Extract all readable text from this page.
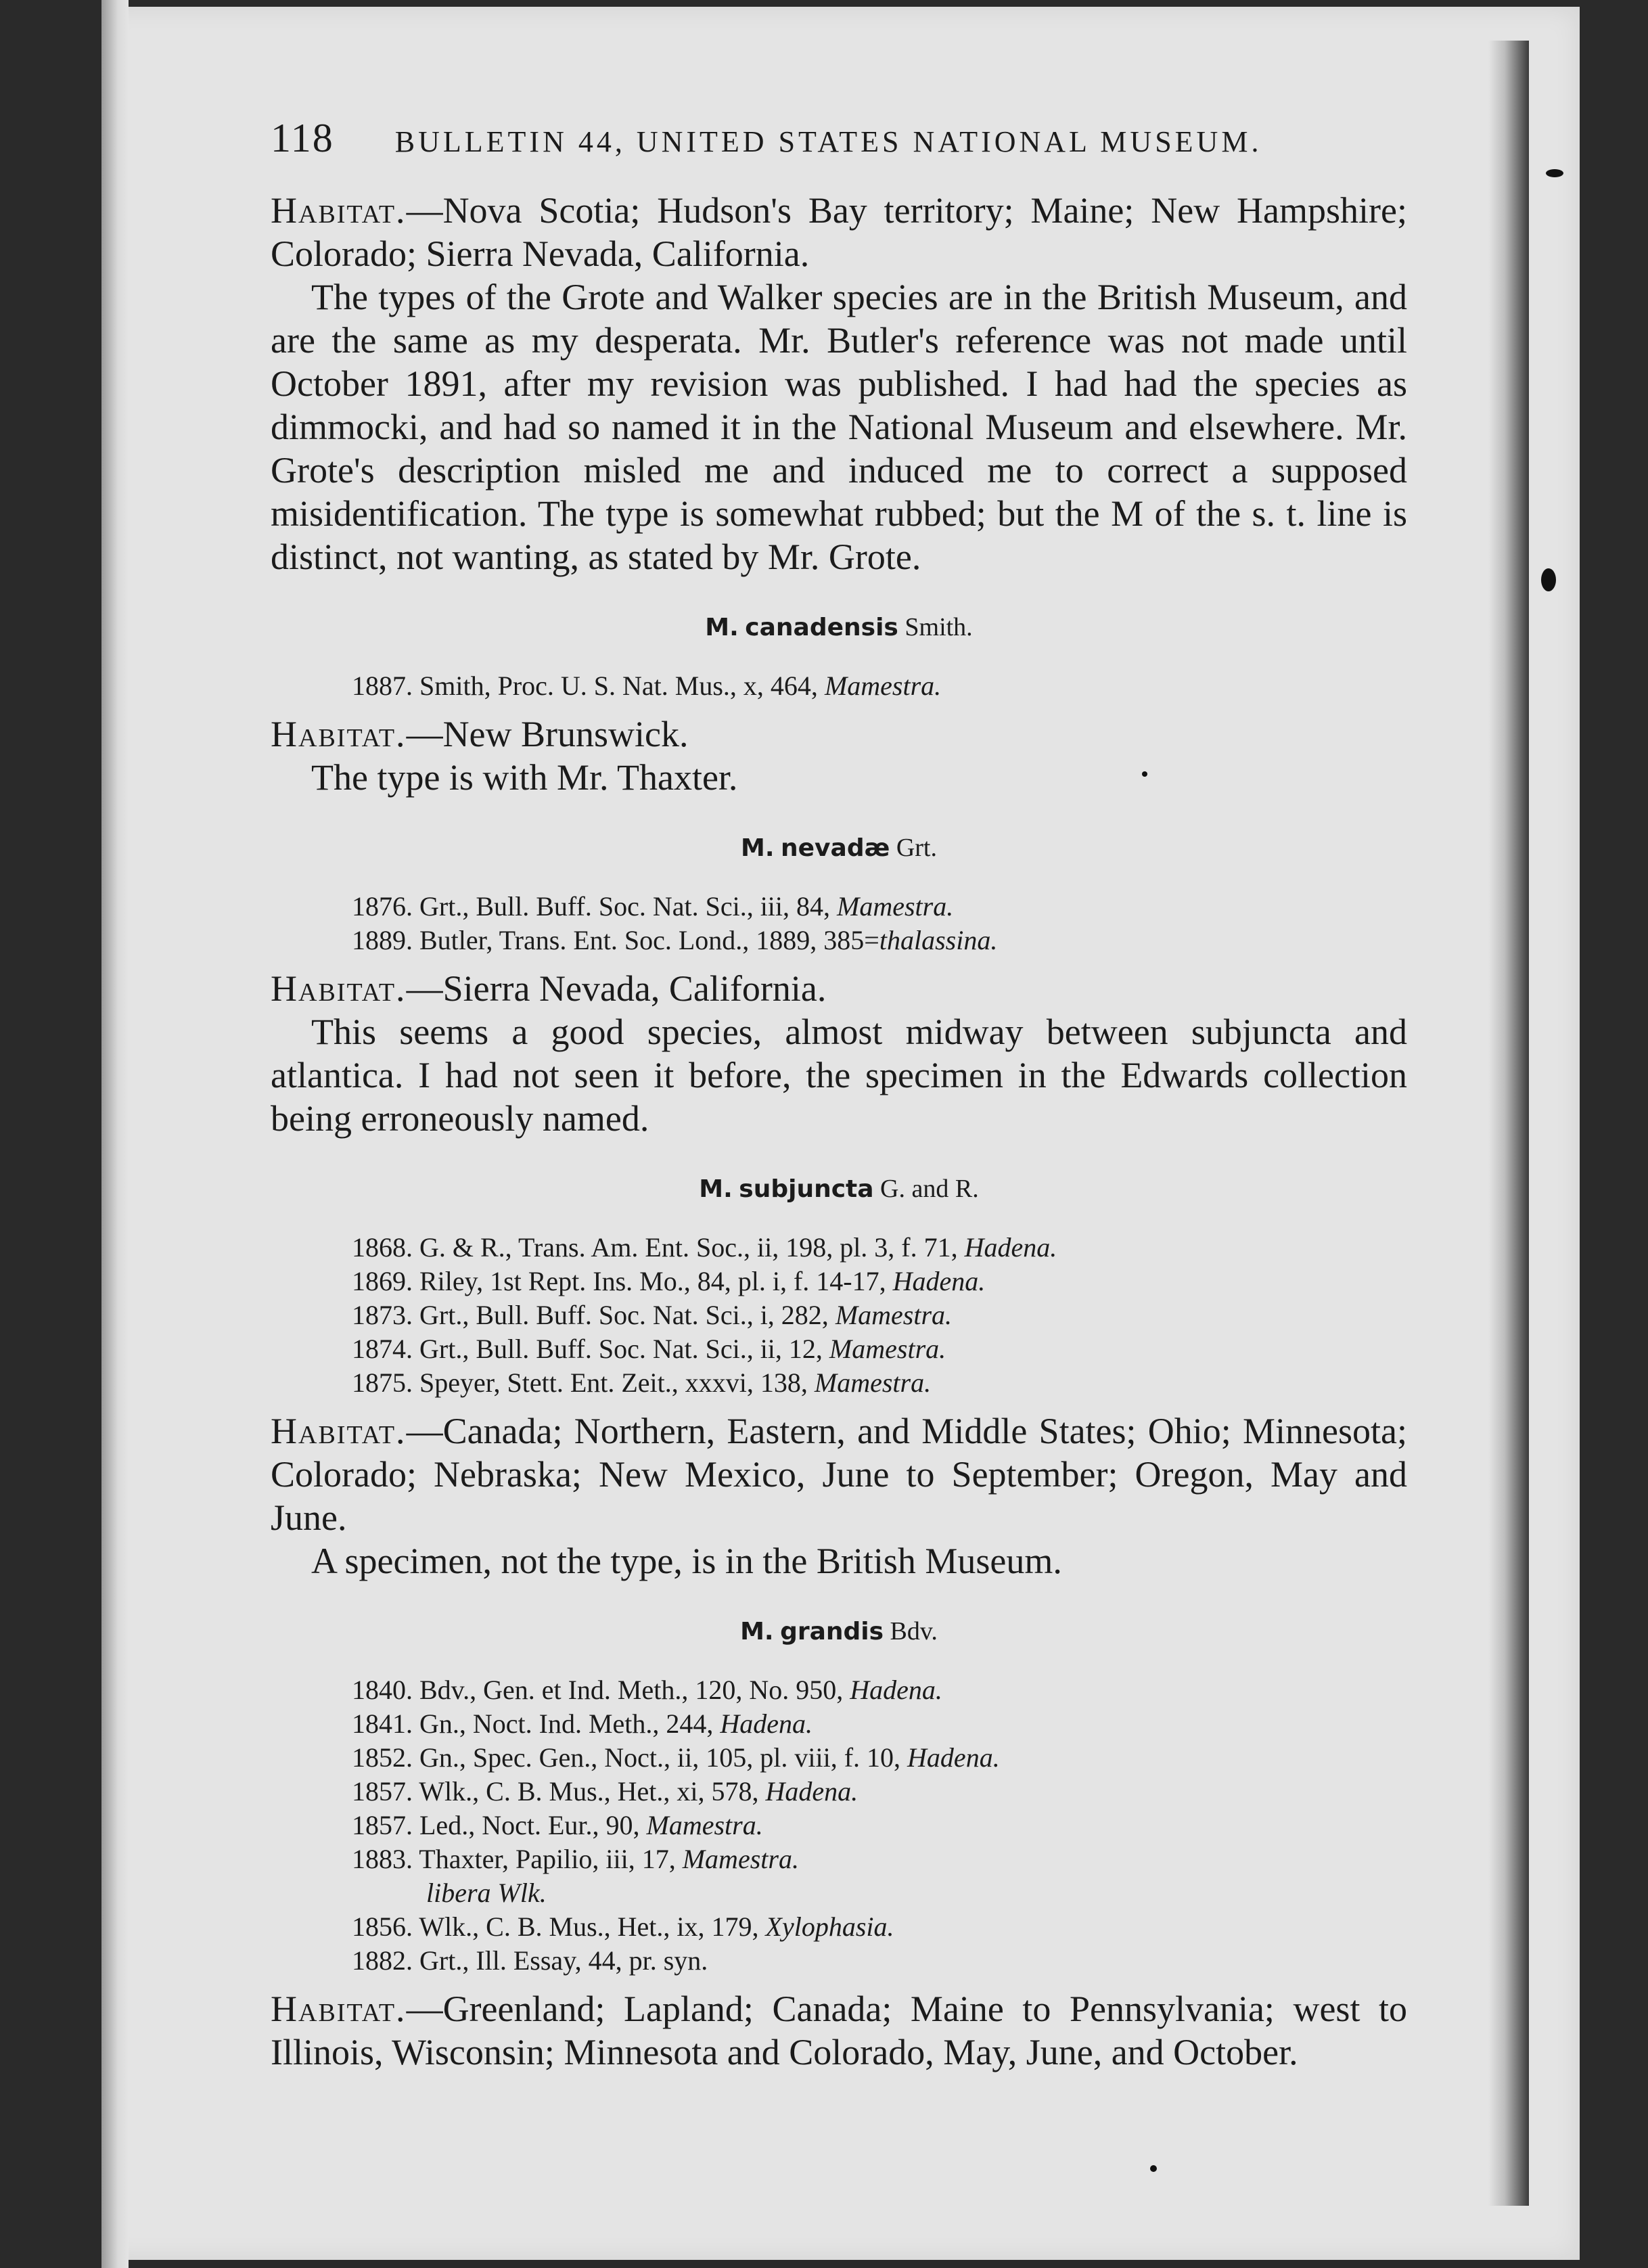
118 BULLETIN 44, UNITED STATES NATIONAL MUSEUM.

Habitat.—Nova Scotia; Hudson's Bay territory; Maine; New Hampshire; Colorado; Sierra Nevada, California.

The types of the Grote and Walker species are in the British Museum, and are the same as my desperata. Mr. Butler's reference was not made until October 1891, after my revision was published. I had had the species as dimmocki, and had so named it in the National Museum and elsewhere. Mr. Grote's description misled me and induced me to correct a supposed misidentification. The type is somewhat rubbed; but the M of the s. t. line is distinct, not wanting, as stated by Mr. Grote.

M. canadensis Smith.
1887. Smith, Proc. U. S. Nat. Mus., x, 464, Mamestra.

Habitat.—New Brunswick.

The type is with Mr. Thaxter.

M. nevadæ Grt.
1876. Grt., Bull. Buff. Soc. Nat. Sci., iii, 84, Mamestra.
1889. Butler, Trans. Ent. Soc. Lond., 1889, 385=thalassina.

Habitat.—Sierra Nevada, California.

This seems a good species, almost midway between subjuncta and atlantica. I had not seen it before, the specimen in the Edwards collection being erroneously named.

M. subjuncta G. and R.
1868. G. & R., Trans. Am. Ent. Soc., ii, 198, pl. 3, f. 71, Hadena.
1869. Riley, 1st Rept. Ins. Mo., 84, pl. i, f. 14-17, Hadena.
1873. Grt., Bull. Buff. Soc. Nat. Sci., i, 282, Mamestra.
1874. Grt., Bull. Buff. Soc. Nat. Sci., ii, 12, Mamestra.
1875. Speyer, Stett. Ent. Zeit., xxxvi, 138, Mamestra.

Habitat.—Canada; Northern, Eastern, and Middle States; Ohio; Minnesota; Colorado; Nebraska; New Mexico, June to September; Oregon, May and June.

A specimen, not the type, is in the British Museum.

M. grandis Bdv.
1840. Bdv., Gen. et Ind. Meth., 120, No. 950, Hadena.
1841. Gn., Noct. Ind. Meth., 244, Hadena.
1852. Gn., Spec. Gen., Noct., ii, 105, pl. viii, f. 10, Hadena.
1857. Wlk., C. B. Mus., Het., xi, 578, Hadena.
1857. Led., Noct. Eur., 90, Mamestra.
1883. Thaxter, Papilio, iii, 17, Mamestra.
libera Wlk.
1856. Wlk., C. B. Mus., Het., ix, 179, Xylophasia.
1882. Grt., Ill. Essay, 44, pr. syn.

Habitat.—Greenland; Lapland; Canada; Maine to Pennsylvania; west to Illinois, Wisconsin; Minnesota and Colorado, May, June, and October.
